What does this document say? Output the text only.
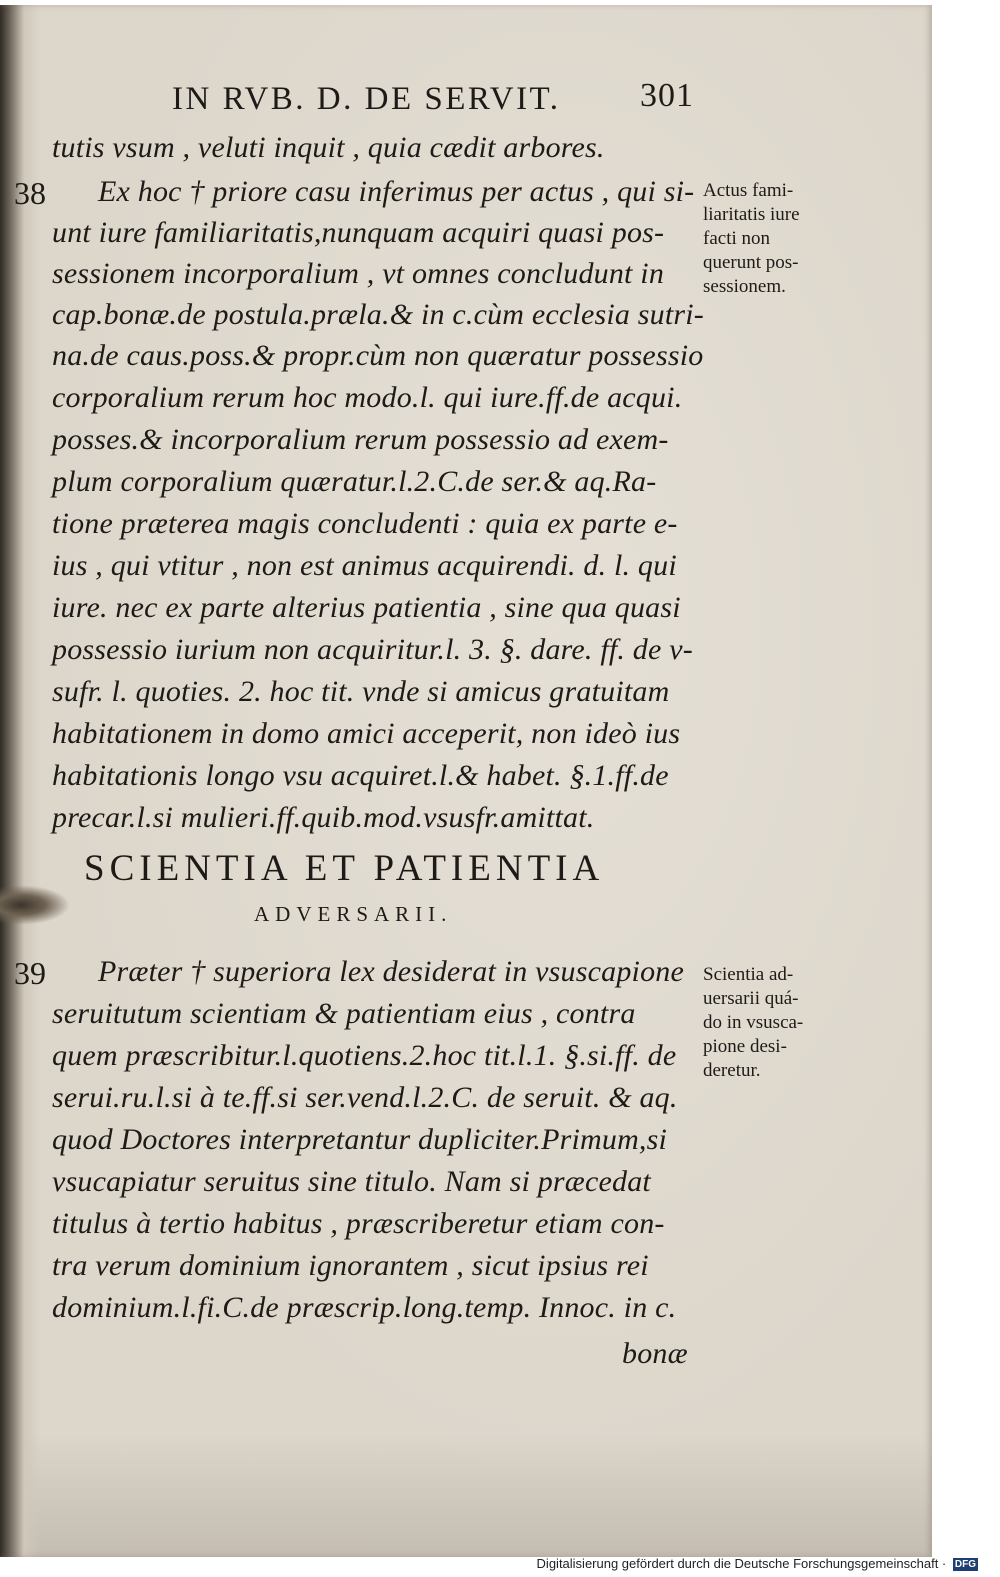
IN RVB. D. DE SERVIT. 301
tutis vsum , veluti inquit , quia cædit arbores.
38 Ex hoc † priore casu inferimus per actus , qui si-
unt iure familiaritatis,nunquam acquiri quasi pos-
sessionem incorporalium , vt omnes concludunt in
cap.bonæ.de postula.præla.& in c.cùm ecclesia sutri-
na.de caus.poss.& propr.cùm non quæratur possessio
corporalium rerum hoc modo.l. qui iure.ff.de acqui.
posses.& incorporalium rerum possessio ad exem-
plum corporalium quæratur.l.2.C.de ser.& aq.Ra-
tione præterea magis concludenti : quia ex parte e-
ius , qui vtitur , non est animus acquirendi. d. l. qui
iure. nec ex parte alterius patientia , sine qua quasi
possessio iurium non acquiritur.l. 3. §. dare. ff. de v-
sufr. l. quoties. 2. hoc tit. vnde si amicus gratuitam
habitationem in domo amici acceperit, non ideò ius
habitationis longo vsu acquiret.l.& habet. §.1.ff.de
precar.l.si mulieri.ff.quib.mod.vsusfr.amittat.
Actus fami-
liaritatis iure
facti non
querunt pos-
sessionem.
SCIENTIA ET PATIENTIA
ADVERSARII.
39 Præter † superiora lex desiderat in vsuscapione
seruitutum scientiam & patientiam eius , contra
quem præscribitur.l.quotiens.2.hoc tit.l.1. §.si.ff. de
serui.ru.l.si à te.ff.si ser.vend.l.2.C. de seruit. & aq.
quod Doctores interpretantur dupliciter.Primum,si
vsucapiatur seruitus sine titulo. Nam si præcedat
titulus à tertio habitus , præscriberetur etiam con-
tra verum dominium ignorantem , sicut ipsius rei
dominium.l.fi.C.de præscrip.long.temp. Innoc. in c.
bonæ
Scientia ad-
uersarii quá-
do in vsusca-
pione desi-
deretur.
Digitalisierung gefördert durch die Deutsche Forschungsgemeinschaft · DFG
